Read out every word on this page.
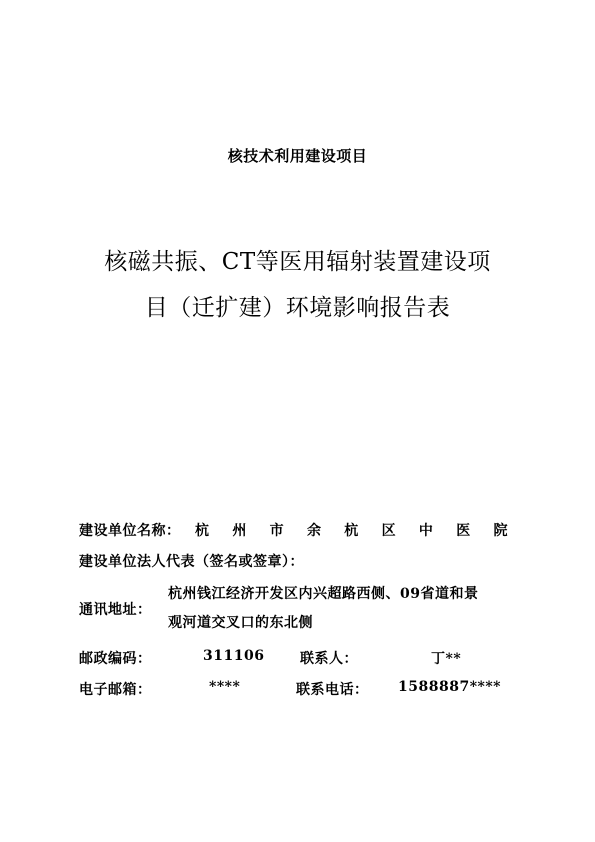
核技术利用建设项目
核磁共振、CT等医用辐射装置建设项
目（迁扩建）环境影响报告表
建设单位名称： 杭 州 市 余 杭 区 中 医 院
建设单位法人代表（签名或签章）：
通讯地址：
杭州钱江经济开发区内兴超路西侧、09省道和景
观河道交叉口的东北侧
邮政编码：	311106	联系人：	丁**
电子邮箱：	****	联系电话： 1588887****
